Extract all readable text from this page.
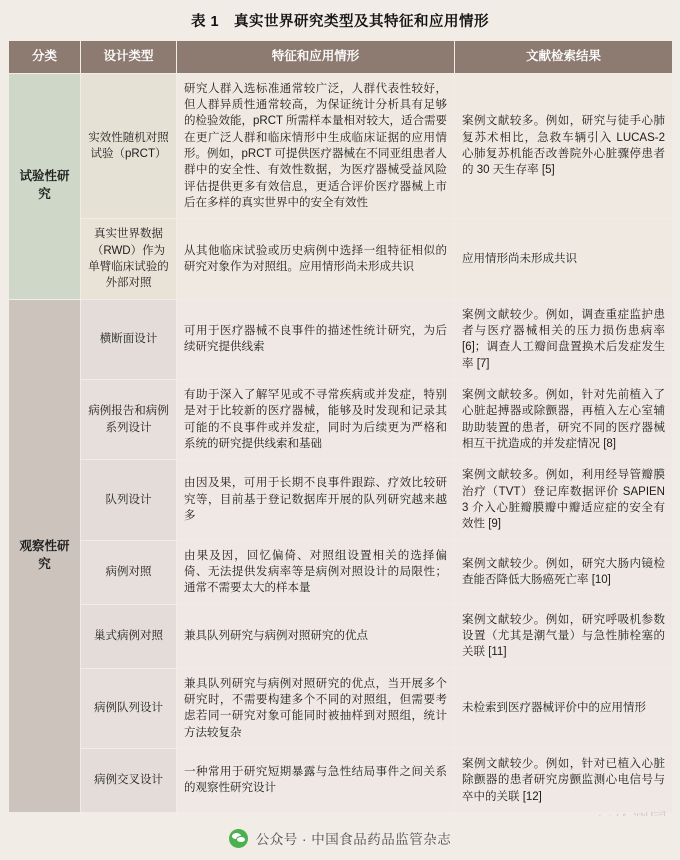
表 1　真实世界研究类型及其特征和应用情形
分类	设计类型	特征和应用情形	文献检索结果
试验性研究	实效性随机对照试验（pRCT）	研究人群入选标准通常较广泛，人群代表性较好，但人群异质性通常较高，为保证统计分析具有足够的检验效能，pRCT 所需样本量相对较大，适合需要在更广泛人群和临床情形中生成临床证据的应用情形。例如，pRCT 可提供医疗器械在不同亚组患者人群中的安全性、有效性数据，为医疗器械受益风险评估提供更多有效信息，更适合评价医疗器械上市后在多样的真实世界中的安全有效性	案例文献较多。例如，研究与徒手心肺复苏术相比，急救车辆引入 LUCAS-2 心肺复苏机能否改善院外心脏骤停患者的 30 天生存率 [5]
	真实世界数据（RWD）作为单臂临床试验的外部对照	从其他临床试验或历史病例中选择一组特征相似的研究对象作为对照组。应用情形尚未形成共识	应用情形尚未形成共识
观察性研究	横断面设计	可用于医疗器械不良事件的描述性统计研究，为后续研究提供线索	案例文献较少。例如，调查重症监护患者与医疗器械相关的压力损伤患病率 [6]；调查人工瓣间盘置换术后发症发生率 [7]
	病例报告和病例系列设计	有助于深入了解罕见或不寻常疾病或并发症，特别是对于比较新的医疗器械，能够及时发现和记录其可能的不良事件或并发症，同时为后续更为严格和系统的研究提供线索和基础	案例文献较多。例如，针对先前植入了心脏起搏器或除颤器，再植入左心室辅助助装置的患者，研究不同的医疗器械相互干扰造成的并发症情况 [8]
	队列设计	由因及果，可用于长期不良事件跟踪、疗效比较研究等，目前基于登记数据库开展的队列研究越来越多	案例文献较多。例如，利用经导管瓣膜治疗（TVT）登记库数据评价 SAPIEN 3 介入心脏瓣膜瓣中瓣适应症的安全有效性 [9]
	病例对照	由果及因，回忆偏倚、对照组设置相关的选择偏倚、无法提供发病率等是病例对照设计的局限性；通常不需要太大的样本量	案例文献较少。例如，研究大肠内镜检查能否降低大肠癌死亡率 [10]
	巢式病例对照	兼具队列研究与病例对照研究的优点	案例文献较少。例如，研究呼吸机参数设置（尤其是潮气量）与急性肺栓塞的关联 [11]
	病例队列设计	兼具队列研究与病例对照研究的优点，当开展多个研究时，不需要构建多个不同的对照组，但需要考虑若同一研究对象可能同时被抽样到对照组，统计方法较复杂	未检索到医疗器械评价中的应用情形
	病例交叉设计	一种常用于研究短期暴露与急性结局事件之间关系的观察性研究设计	案例文献较少。例如，针对已植入心脏除颤器的患者研究房颤监测心电信号与卒中的关联 [12]
公众号 · 中国食品药品监管杂志
